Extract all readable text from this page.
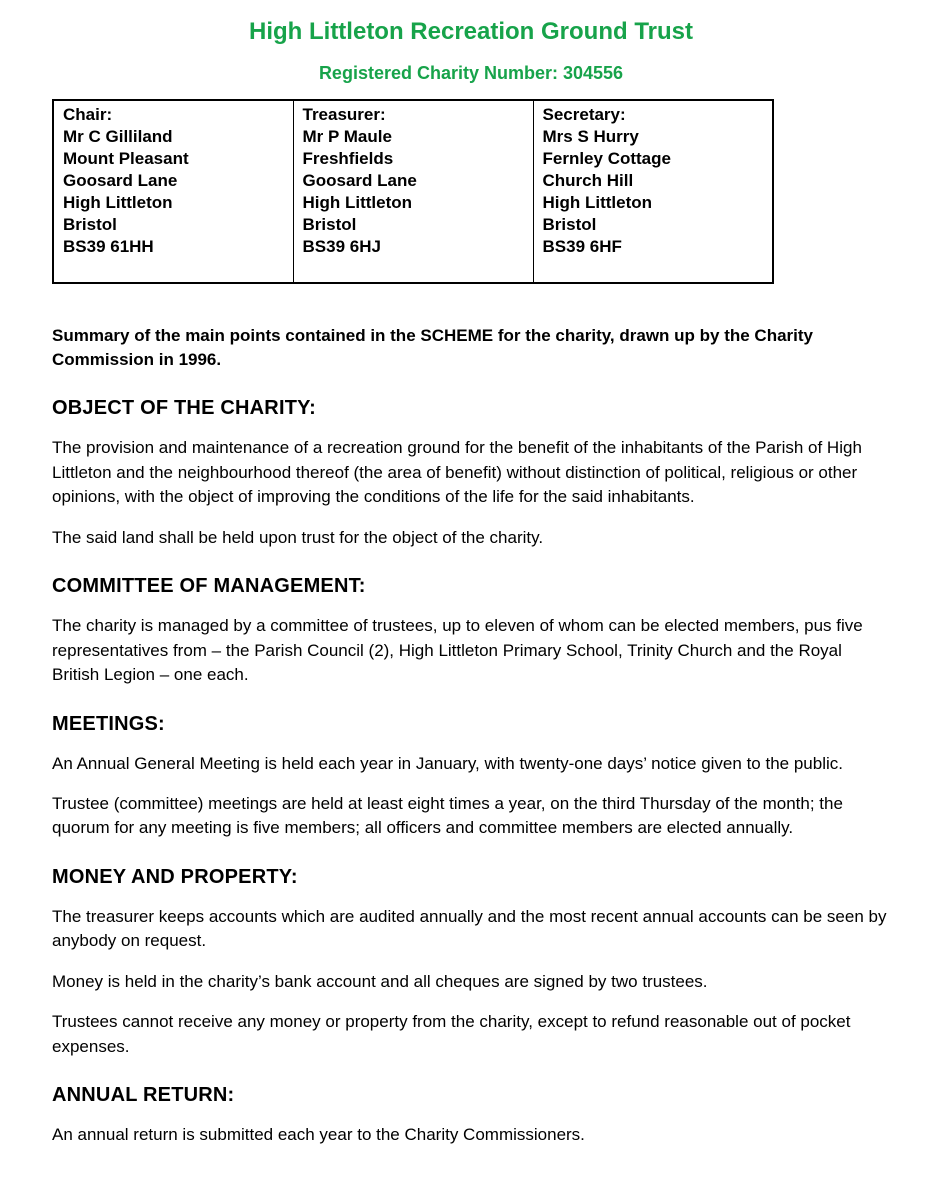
High Littleton Recreation Ground Trust
Registered Charity Number: 304556
Chair:
Mr C Gilliland
Mount Pleasant
Goosard Lane
High Littleton
Bristol
BS39 61HH

Treasurer:
Mr P Maule
Freshfields
Goosard Lane
High Littleton
Bristol
BS39 6HJ

Secretary:
Mrs S Hurry
Fernley Cottage
Church Hill
High Littleton
Bristol
BS39 6HF

Summary of the main points contained in the SCHEME for the charity, drawn up by the Charity Commission in 1996.

OBJECT OF THE CHARITY:

The provision and maintenance of a recreation ground for the benefit of the inhabitants of the Parish of High Littleton and the neighbourhood thereof (the area of benefit) without distinction of political, religious or other opinions, with the object of improving the conditions of the life for the said inhabitants.

The said land shall be held upon trust for the object of the charity.

COMMITTEE OF MANAGEMENT:

The charity is managed by a committee of trustees, up to eleven of whom can be elected members, pus five representatives from – the Parish Council (2), High Littleton Primary School, Trinity Church and the Royal British Legion – one each.

MEETINGS:

An Annual General Meeting is held each year in January, with twenty-one days’ notice given to the public.

Trustee (committee) meetings are held at least eight times a year, on the third Thursday of the month; the quorum for any meeting is five members; all officers and committee members are elected annually.

MONEY AND PROPERTY:

The treasurer keeps accounts which are audited annually and the most recent annual accounts can be seen by anybody on request.

Money is held in the charity’s bank account and all cheques are signed by two trustees.

Trustees cannot receive any money or property from the charity, except to refund reasonable out of pocket expenses.

ANNUAL RETURN:

An annual return is submitted each year to the Charity Commissioners.
